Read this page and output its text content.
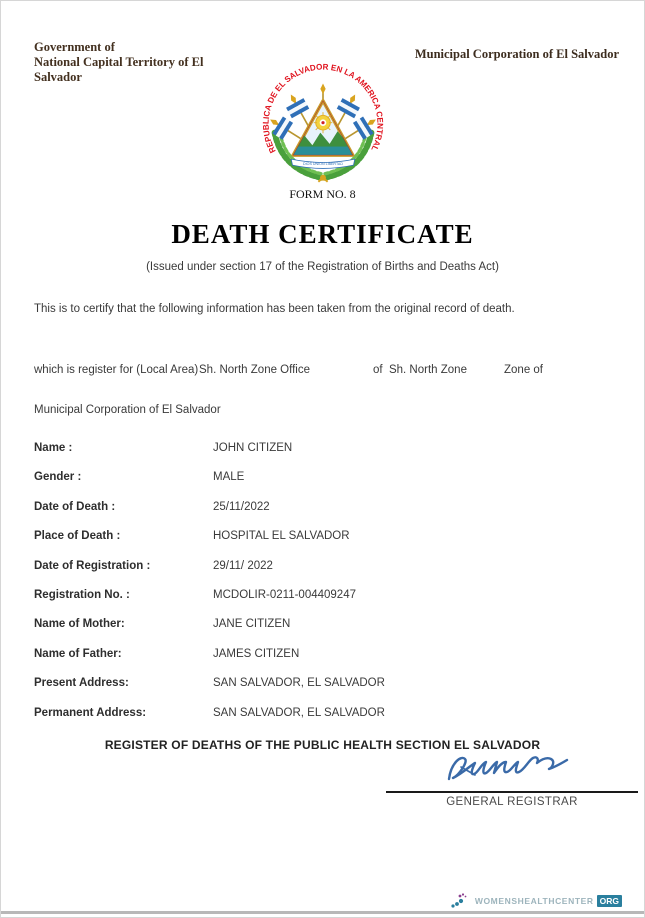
Government of
National Capital Territory of El
Salvador
Municipal Corporation of El Salvador
DIOS UNION LIBERTAD
REPUBLICA DE EL SALVADOR EN LA AMERICA CENTRAL
FORM NO. 8
DEATH CERTIFICATE
(Issued under section 17 of the Registration of Births and Deaths Act)
This is to certify that the following information has been taken from the original record of death.
which is register for (Local Area) Sh. North Zone Office	of  Sh. North Zone	Zone of
Municipal Corporation of El Salvador
Name :	JOHN CITIZEN
Gender :	MALE
Date of Death :	25/11/2022
Place of Death :	HOSPITAL EL SALVADOR
Date of Registration :	29/11/ 2022
Registration No. :	MCDOLIR-0211-004409247
Name of Mother:	JANE CITIZEN
Name of Father:	JAMES CITIZEN
Present Address:	SAN SALVADOR, EL SALVADOR
Permanent Address:	SAN SALVADOR, EL SALVADOR
REGISTER OF DEATHS OF THE PUBLIC HEALTH SECTION EL SALVADOR
GENERAL REGISTRAR
WOMENSHEALTHCENTER ORG
